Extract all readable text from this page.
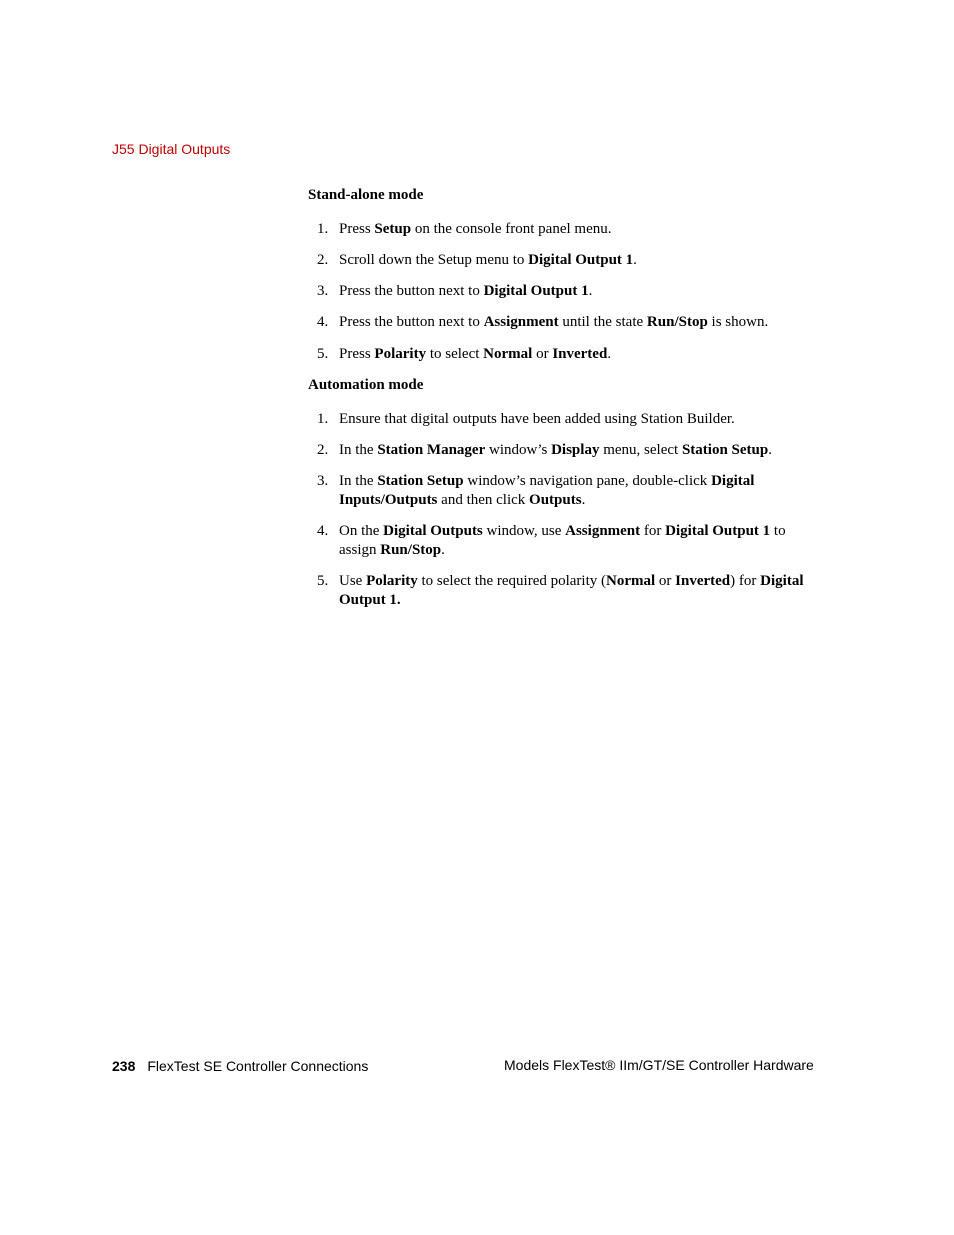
J55 Digital Outputs
Stand-alone mode
1. Press Setup on the console front panel menu.
2. Scroll down the Setup menu to Digital Output 1.
3. Press the button next to Digital Output 1.
4. Press the button next to Assignment until the state Run/Stop is shown.
5. Press Polarity to select Normal or Inverted.
Automation mode
1. Ensure that digital outputs have been added using Station Builder.
2. In the Station Manager window’s Display menu, select Station Setup.
3. In the Station Setup window’s navigation pane, double-click Digital Inputs/Outputs and then click Outputs.
4. On the Digital Outputs window, use Assignment for Digital Output 1 to assign Run/Stop.
5. Use Polarity to select the required polarity (Normal or Inverted) for Digital Output 1.
238 FlexTest SE Controller Connections	Models FlexTest® IIm/GT/SE Controller Hardware
